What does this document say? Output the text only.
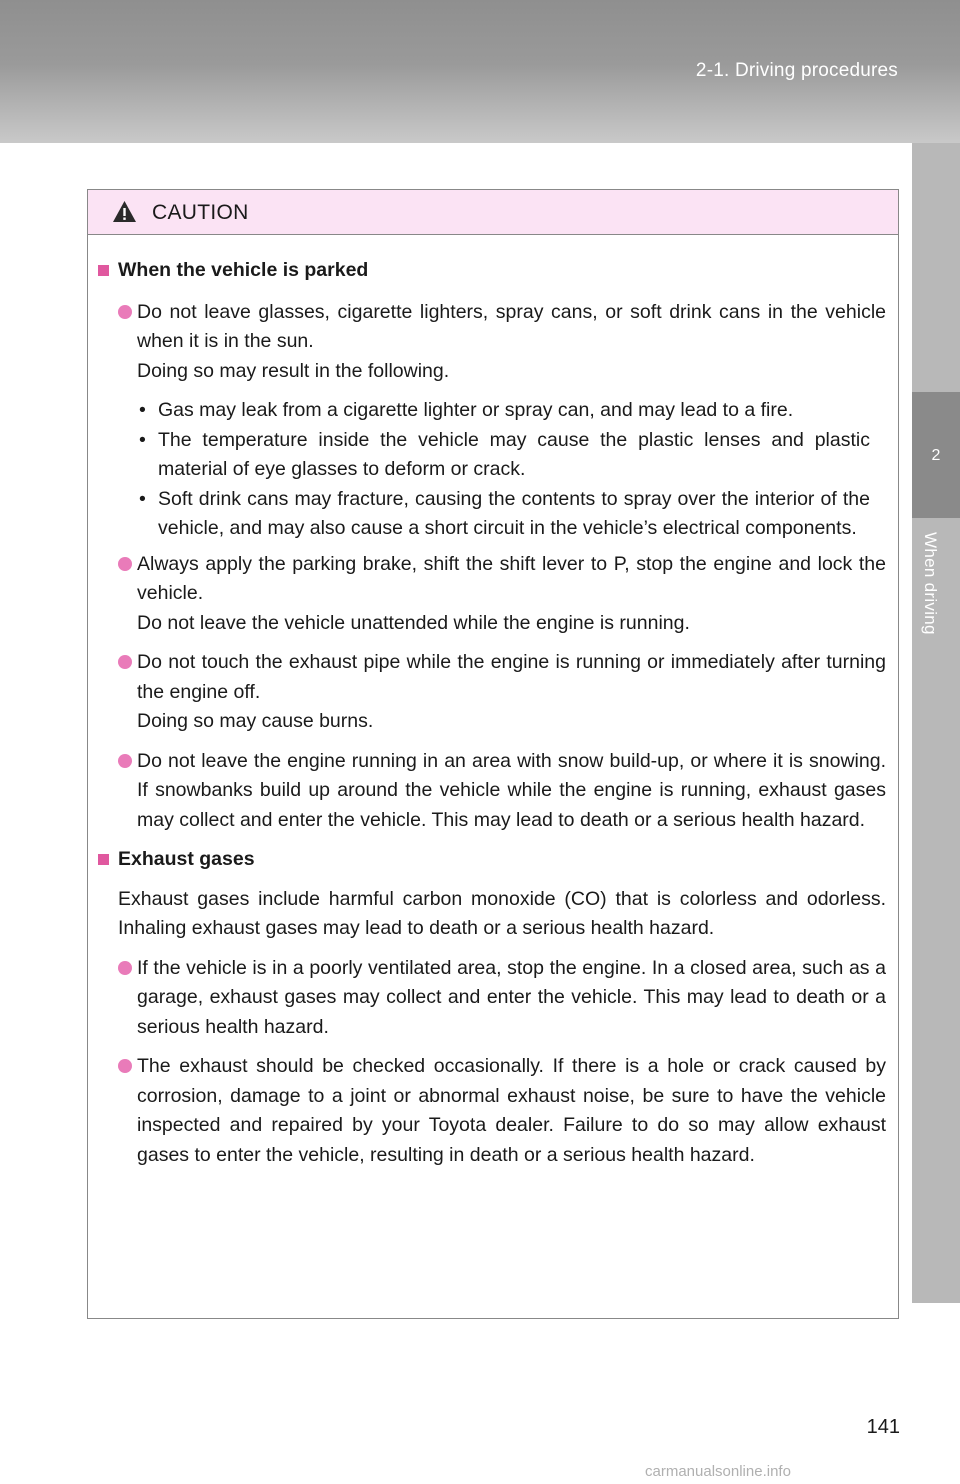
2-1. Driving procedures
2
When driving
CAUTION
When the vehicle is parked
Do not leave glasses, cigarette lighters, spray cans, or soft drink cans in the vehicle when it is in the sun.
Doing so may result in the following.
• Gas may leak from a cigarette lighter or spray can, and may lead to a fire.
• The temperature inside the vehicle may cause the plastic lenses and plastic material of eye glasses to deform or crack.
• Soft drink cans may fracture, causing the contents to spray over the interior of the vehicle, and may also cause a short circuit in the vehicle’s electrical components.
Always apply the parking brake, shift the shift lever to P, stop the engine and lock the vehicle.
Do not leave the vehicle unattended while the engine is running.
Do not touch the exhaust pipe while the engine is running or immediately after turning the engine off.
Doing so may cause burns.
Do not leave the engine running in an area with snow build-up, or where it is snowing. If snowbanks build up around the vehicle while the engine is running, exhaust gases may collect and enter the vehicle. This may lead to death or a serious health hazard.
Exhaust gases
Exhaust gases include harmful carbon monoxide (CO) that is colorless and odorless. Inhaling exhaust gases may lead to death or a serious health hazard.
If the vehicle is in a poorly ventilated area, stop the engine. In a closed area, such as a garage, exhaust gases may collect and enter the vehicle. This may lead to death or a serious health hazard.
The exhaust should be checked occasionally. If there is a hole or crack caused by corrosion, damage to a joint or abnormal exhaust noise, be sure to have the vehicle inspected and repaired by your Toyota dealer. Failure to do so may allow exhaust gases to enter the vehicle, resulting in death or a serious health hazard.
141
carmanualsonline.info
